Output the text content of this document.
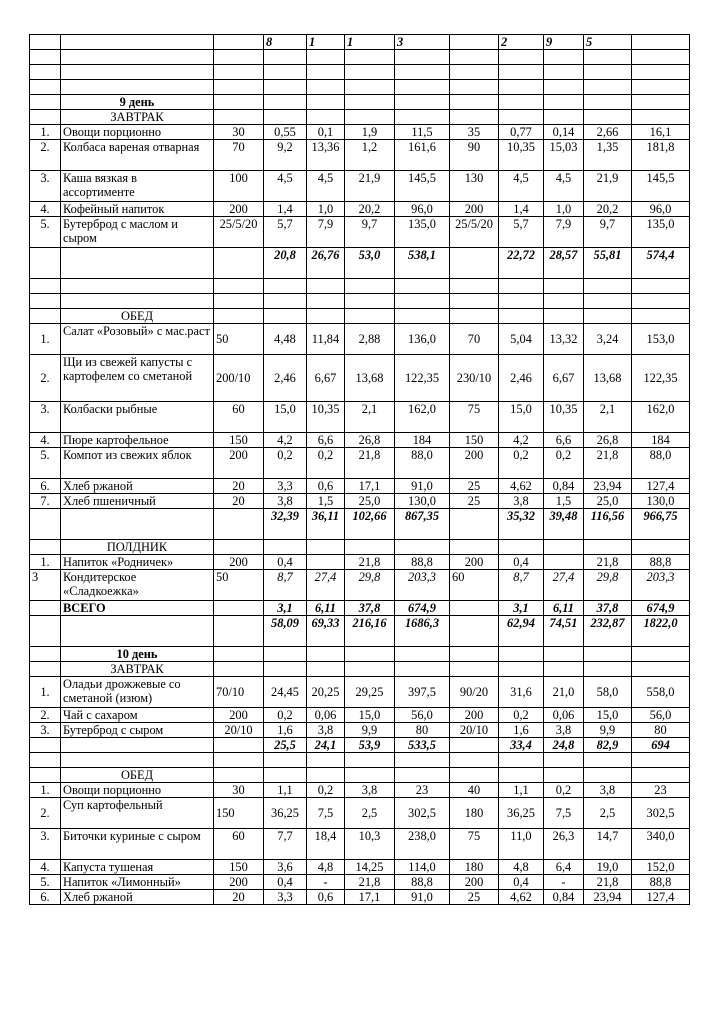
			8	1	1	3		2	9	5	

	9 день										
	ЗАВТРАК										
1.	Овощи порционно	30	0,55	0,1	1,9	11,5	35	0,77	0,14	2,66	16,1
2.	Колбаса вареная отварная	70	9,2	13,36	1,2	161,6	90	10,35	15,03	1,35	181,8
3.	Каша вязкая в ассортименте	100	4,5	4,5	21,9	145,5	130	4,5	4,5	21,9	145,5
4.	Кофейный напиток	200	1,4	1,0	20,2	96,0	200	1,4	1,0	20,2	96,0
5.	Бутерброд с маслом и сыром	25/5/20	5,7	7,9	9,7	135,0	25/5/20	5,7	7,9	9,7	135,0
			20,8	26,76	53,0	538,1		22,72	28,57	55,81	574,4

	ОБЕД										
1.	Салат «Розовый» с мас.раст	50	4,48	11,84	2,88	136,0	70	5,04	13,32	3,24	153,0
2.	Щи из свежей капусты с картофелем со сметаной	200/10	2,46	6,67	13,68	122,35	230/10	2,46	6,67	13,68	122,35
3.	Колбаски рыбные	60	15,0	10,35	2,1	162,0	75	15,0	10,35	2,1	162,0
4.	Пюре картофельное	150	4,2	6,6	26,8	184	150	4,2	6,6	26,8	184
5.	Компот из свежих яблок	200	0,2	0,2	21,8	88,0	200	0,2	0,2	21,8	88,0
6.	Хлеб ржаной	20	3,3	0,6	17,1	91,0	25	4,62	0,84	23,94	127,4
7.	Хлеб пшеничный	20	3,8	1,5	25,0	130,0	25	3,8	1,5	25,0	130,0
			32,39	36,11	102,66	867,35		35,32	39,48	116,56	966,75
	ПОЛДНИК										
1.	Напиток «Родничек»	200	0,4		21,8	88,8	200	0,4		21,8	88,8
3	Кондитерское «Сладкоежка»	50	8,7	27,4	29,8	203,3	60	8,7	27,4	29,8	203,3
	ВСЕГО		3,1	6,11	37,8	674,9		3,1	6,11	37,8	674,9
			58,09	69,33	216,16	1686,3		62,94	74,51	232,87	1822,0
	10 день										
	ЗАВТРАК										
1.	Оладьи дрожжевые со сметаной (изюм)	70/10	24,45	20,25	29,25	397,5	90/20	31,6	21,0	58,0	558,0
2.	Чай с сахаром	200	0,2	0,06	15,0	56,0	200	0,2	0,06	15,0	56,0
3.	Бутерброд с сыром	20/10	1,6	3,8	9,9	80	20/10	1,6	3,8	9,9	80
			25,5	24,1	53,9	533,5		33,4	24,8	82,9	694

	ОБЕД										
1.	Овощи порционно	30	1,1	0,2	3,8	23	40	1,1	0,2	3,8	23
2.	Суп картофельный	150	36,25	7,5	2,5	302,5	180	36,25	7,5	2,5	302,5
3.	Биточки куриные с сыром	60	7,7	18,4	10,3	238,0	75	11,0	26,3	14,7	340,0
4.	Капуста тушеная	150	3,6	4,8	14,25	114,0	180	4,8	6,4	19,0	152,0
5.	Напиток «Лимонный»	200	0,4	-	21,8	88,8	200	0,4	-	21,8	88,8
6.	Хлеб ржаной	20	3,3	0,6	17,1	91,0	25	4,62	0,84	23,94	127,4
